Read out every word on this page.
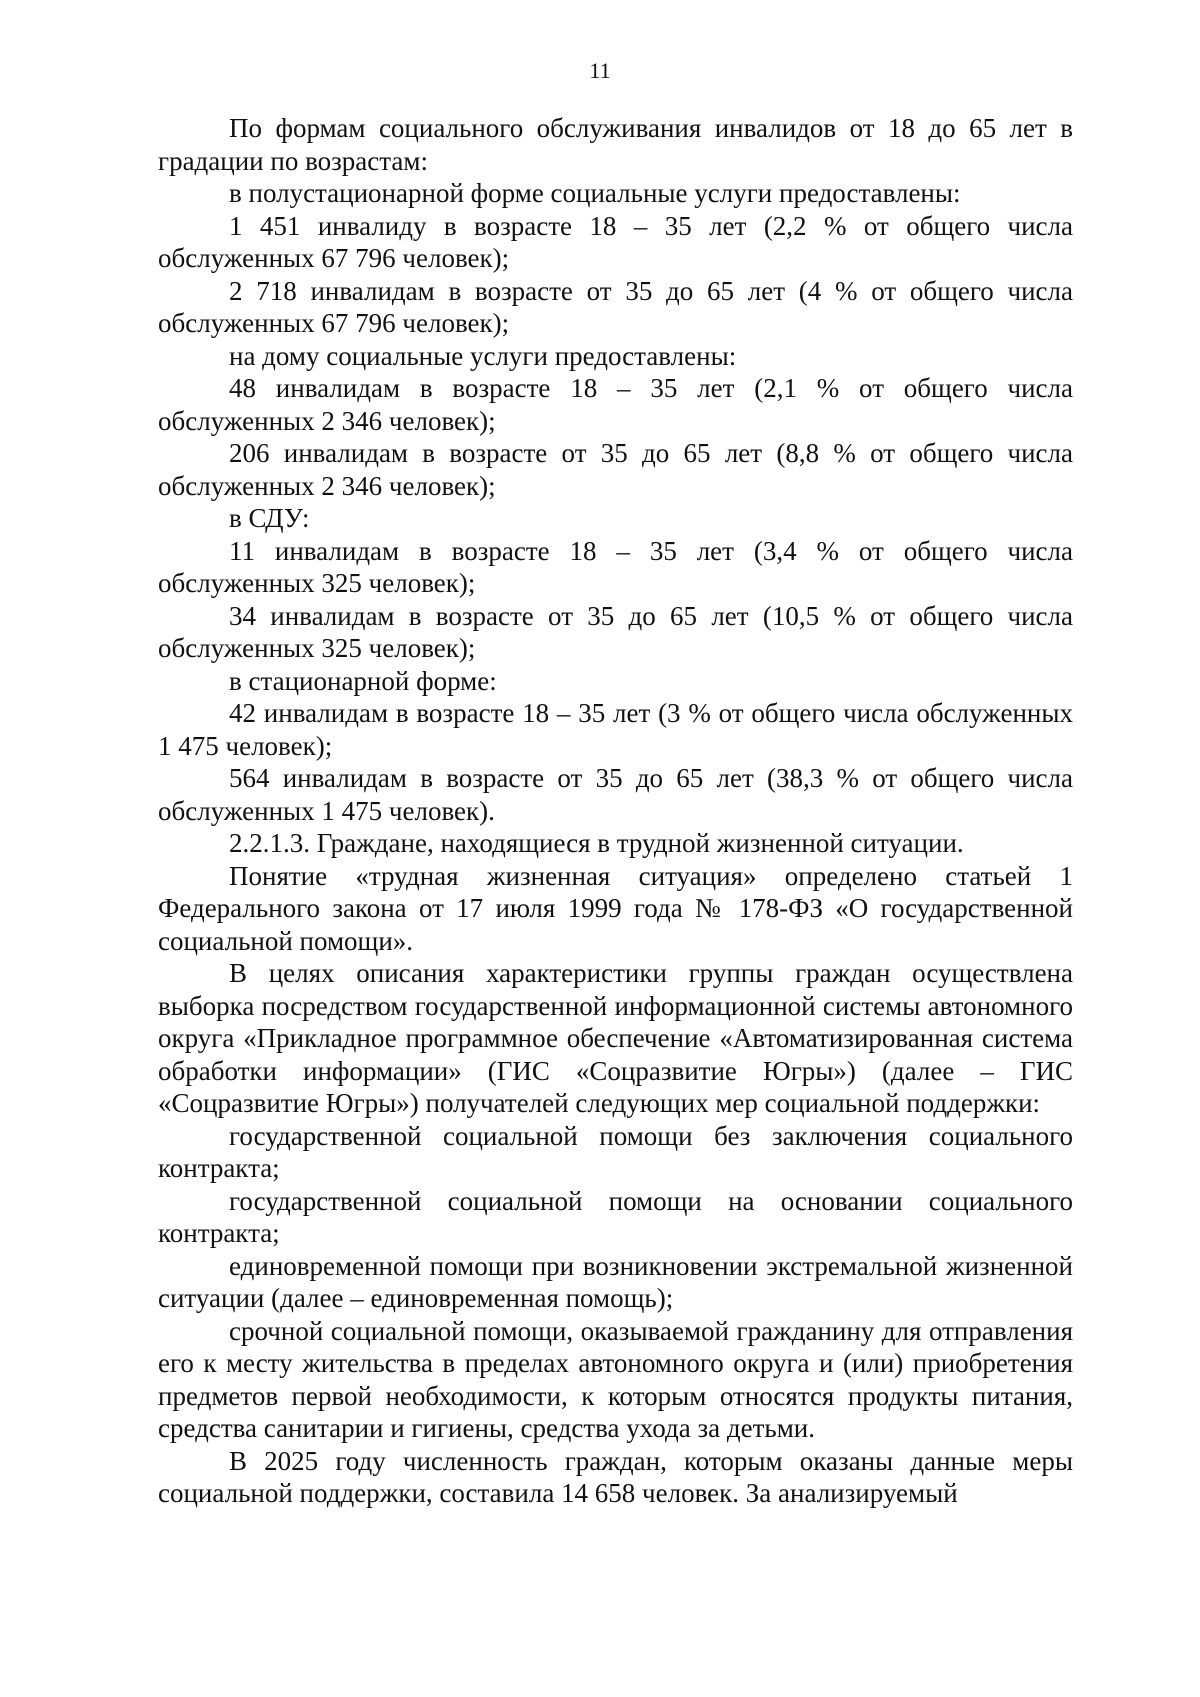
11

По формам социального обслуживания инвалидов от 18 до 65 лет в градации по возрастам:

в полустационарной форме социальные услуги предоставлены:

1 451 инвалиду в возрасте 18 – 35 лет (2,2 % от общего числа обслуженных 67 796 человек);

2 718 инвалидам в возрасте от 35 до 65 лет (4 % от общего числа обслуженных 67 796 человек);

на дому социальные услуги предоставлены:

48 инвалидам в возрасте 18 – 35 лет (2,1 % от общего числа обслуженных 2 346 человек);

206 инвалидам в возрасте от 35 до 65 лет (8,8 % от общего числа обслуженных 2 346 человек);

в СДУ:

11 инвалидам в возрасте 18 – 35 лет (3,4 % от общего числа обслуженных 325 человек);

34 инвалидам в возрасте от 35 до 65 лет (10,5 % от общего числа обслуженных 325 человек);

в стационарной форме:

42 инвалидам в возрасте 18 – 35 лет (3 % от общего числа обслуженных 1 475 человек);

564 инвалидам в возрасте от 35 до 65 лет (38,3 % от общего числа обслуженных 1 475 человек).

2.2.1.3. Граждане, находящиеся в трудной жизненной ситуации.

Понятие «трудная жизненная ситуация» определено статьей 1 Федерального закона от 17 июля 1999 года № 178-ФЗ «О государственной социальной помощи».

В целях описания характеристики группы граждан осуществлена выборка посредством государственной информационной системы автономного округа «Прикладное программное обеспечение «Автоматизированная система обработки информации» (ГИС «Соцразвитие Югры») (далее – ГИС «Соцразвитие Югры») получателей следующих мер социальной поддержки:

государственной социальной помощи без заключения социального контракта;

государственной социальной помощи на основании социального контракта;

единовременной помощи при возникновении экстремальной жизненной ситуации (далее – единовременная помощь);

срочной социальной помощи, оказываемой гражданину для отправления его к месту жительства в пределах автономного округа и (или) приобретения предметов первой необходимости, к которым относятся продукты питания, средства санитарии и гигиены, средства ухода за детьми.

В 2025 году численность граждан, которым оказаны данные меры социальной поддержки, составила 14 658 человек. За анализируемый
